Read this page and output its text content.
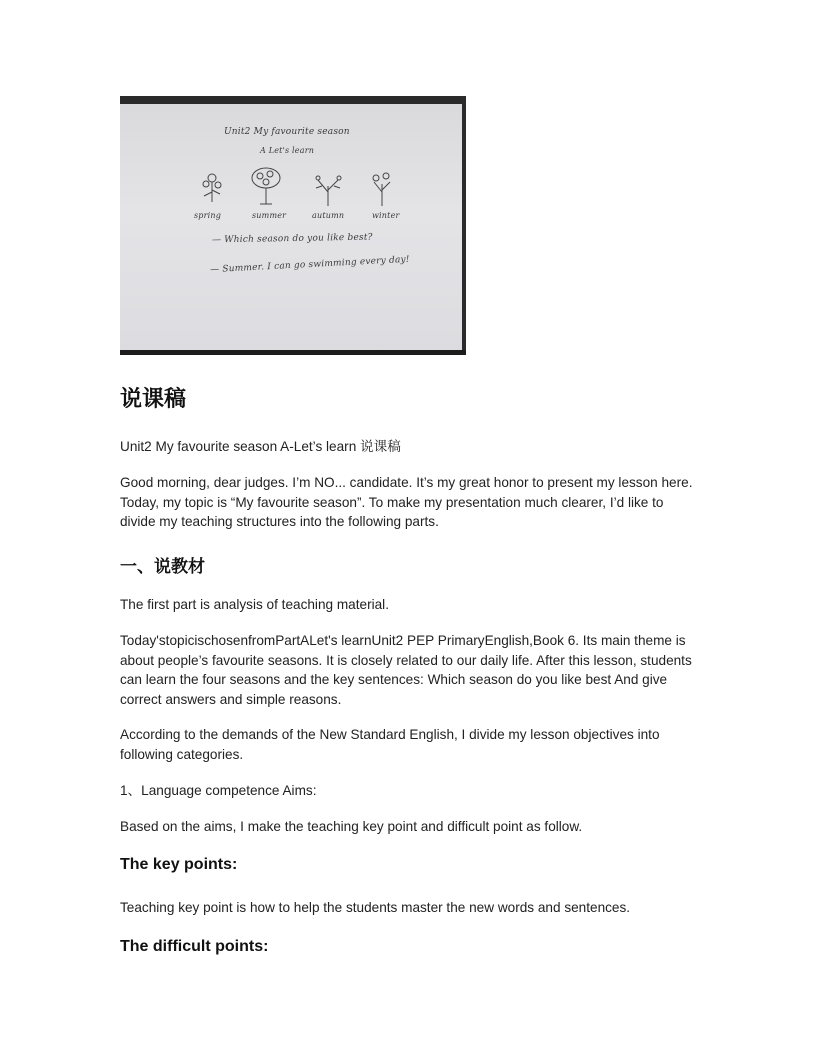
Unit2 My favourite season
A Let's learn
spring	summer	autumn	winter
— Which season do you like best?
— Summer. I can go swimming every day!
说课稿
Unit2 My favourite season A-Let’s learn 说课稿
Good morning, dear judges. I’m NO... candidate. It’s my great honor to present my lesson here. Today, my topic is “My favourite season”. To make my presentation much clearer, I’d like to divide my teaching structures into the following parts.
一、说教材
The first part is analysis of teaching material.
Today'stopicischosenfromPartALet's learnUnit2 PEP PrimaryEnglish,Book 6. Its main theme is about people’s favourite seasons. It is closely related to our daily life. After this lesson, students can learn the four seasons and the key sentences: Which season do you like best And give correct answers and simple reasons.
According to the demands of the New Standard English, I divide my lesson objectives into following categories.
1、Language competence Aims:
Based on the aims, I make the teaching key point and difficult point as follow.
The key points:
Teaching key point is how to help the students master the new words and sentences.
The difficult points:
